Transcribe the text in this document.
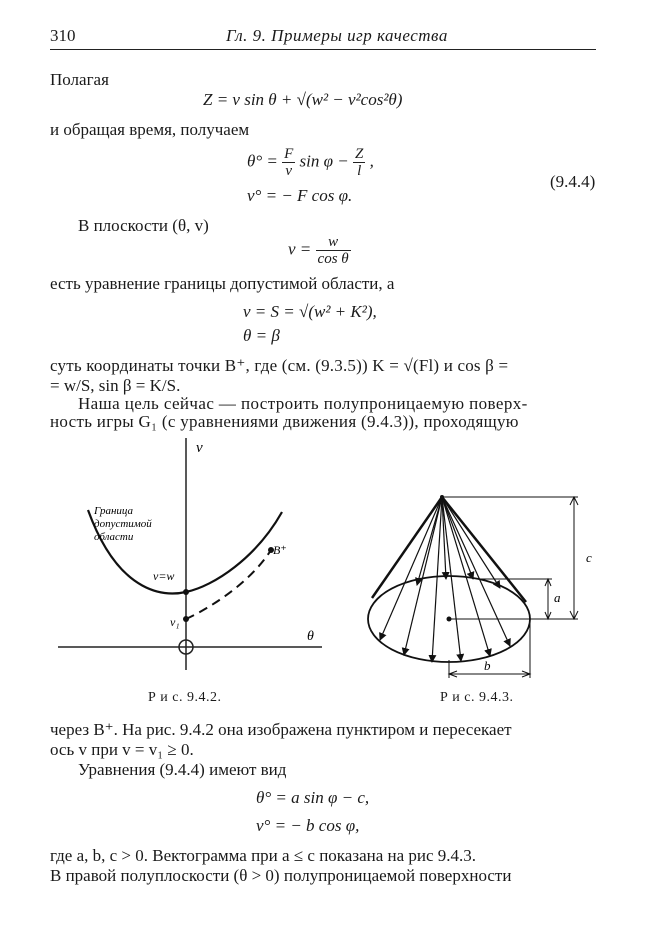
310	Гл. 9. Примеры игр качества
Полагая
Z = v sin θ + √(w² − v²cos²θ)
и обращая время, получаем
$\theta^\circ = \frac{F}{v}$ $\sin \varphi - \frac{Z}{l}$ ,
v° = − F cos φ.
(9.4.4)
В плоскости (θ, v)
$v = \frac{w}{\text{cos θ}}$
есть уравнение границы допустимой области, а
v = S = √(w² + K²),
θ = β
суть координаты точки B⁺, где (см. (9.3.5)) K = √(Fl) и cos β =
= w/S, sin β = K/S.
Наша цель сейчас — построить полупроницаемую поверх-
ность игры G₁ (с уравнениями движения (9.4.3)), проходящую
v
θ
Граница
допустимой
области
v=w
B⁺
v₁
Р и с. 9.4.2.
c
a
b
Р и с. 9.4.3.
через B⁺. На рис. 9.4.2 она изображена пунктиром и пересекает
ось v при v = v₁ ≥ 0.
Уравнения (9.4.4) имеют вид
θ° = a sin φ − c,
v° = − b cos φ,
где a, b, c > 0. Вектограмма при a ≤ c показана на рис 9.4.3.
В правой полуплоскости (θ > 0) полупроницаемой поверхности
